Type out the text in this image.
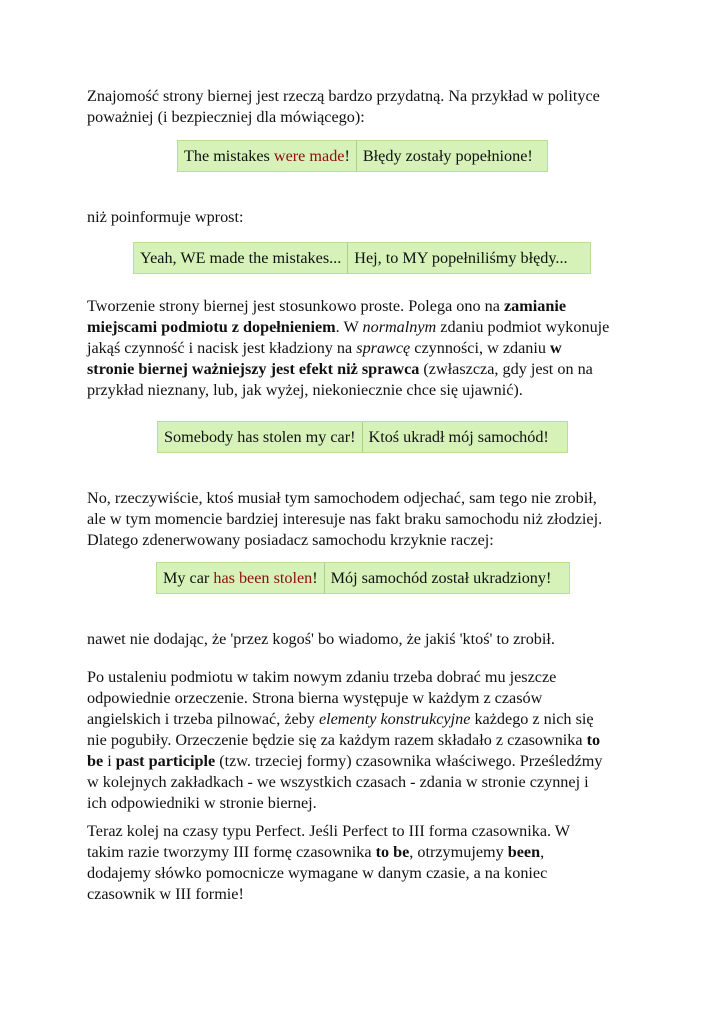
Znajomość strony biernej jest rzeczą bardzo przydatną. Na przykład w polityce
poważniej (i bezpieczniej dla mówiącego):

The mistakes were made! Błędy zostały popełnione!

niż poinformuje wprost:

Yeah, WE made the mistakes... Hej, to MY popełniliśmy błędy...

Tworzenie strony biernej jest stosunkowo proste. Polega ono na zamianie
miejscami podmiotu z dopełnieniem. W normalnym zdaniu podmiot wykonuje
jakąś czynność i nacisk jest kładziony na sprawcę czynności, w zdaniu w
stronie biernej ważniejszy jest efekt niż sprawca (zwłaszcza, gdy jest on na
przykład nieznany, lub, jak wyżej, niekoniecznie chce się ujawnić).

Somebody has stolen my car! Ktoś ukradł mój samochód!

No, rzeczywiście, ktoś musiał tym samochodem odjechać, sam tego nie zrobił,
ale w tym momencie bardziej interesuje nas fakt braku samochodu niż złodziej.
Dlatego zdenerwowany posiadacz samochodu krzyknie raczej:

My car has been stolen! Mój samochód został ukradziony!

nawet nie dodając, że 'przez kogoś' bo wiadomo, że jakiś 'ktoś' to zrobił.

Po ustaleniu podmiotu w takim nowym zdaniu trzeba dobrać mu jeszcze
odpowiednie orzeczenie. Strona bierna występuje w każdym z czasów
angielskich i trzeba pilnować, żeby elementy konstrukcyjne każdego z nich się
nie pogubiły. Orzeczenie będzie się za każdym razem składało z czasownika to
be i past participle (tzw. trzeciej formy) czasownika właściwego. Prześledźmy
w kolejnych zakładkach - we wszystkich czasach - zdania w stronie czynnej i
ich odpowiedniki w stronie biernej.

Teraz kolej na czasy typu Perfect. Jeśli Perfect to III forma czasownika. W
takim razie tworzymy III formę czasownika to be, otrzymujemy been,
dodajemy słówko pomocnicze wymagane w danym czasie, a na koniec
czasownik w III formie!
